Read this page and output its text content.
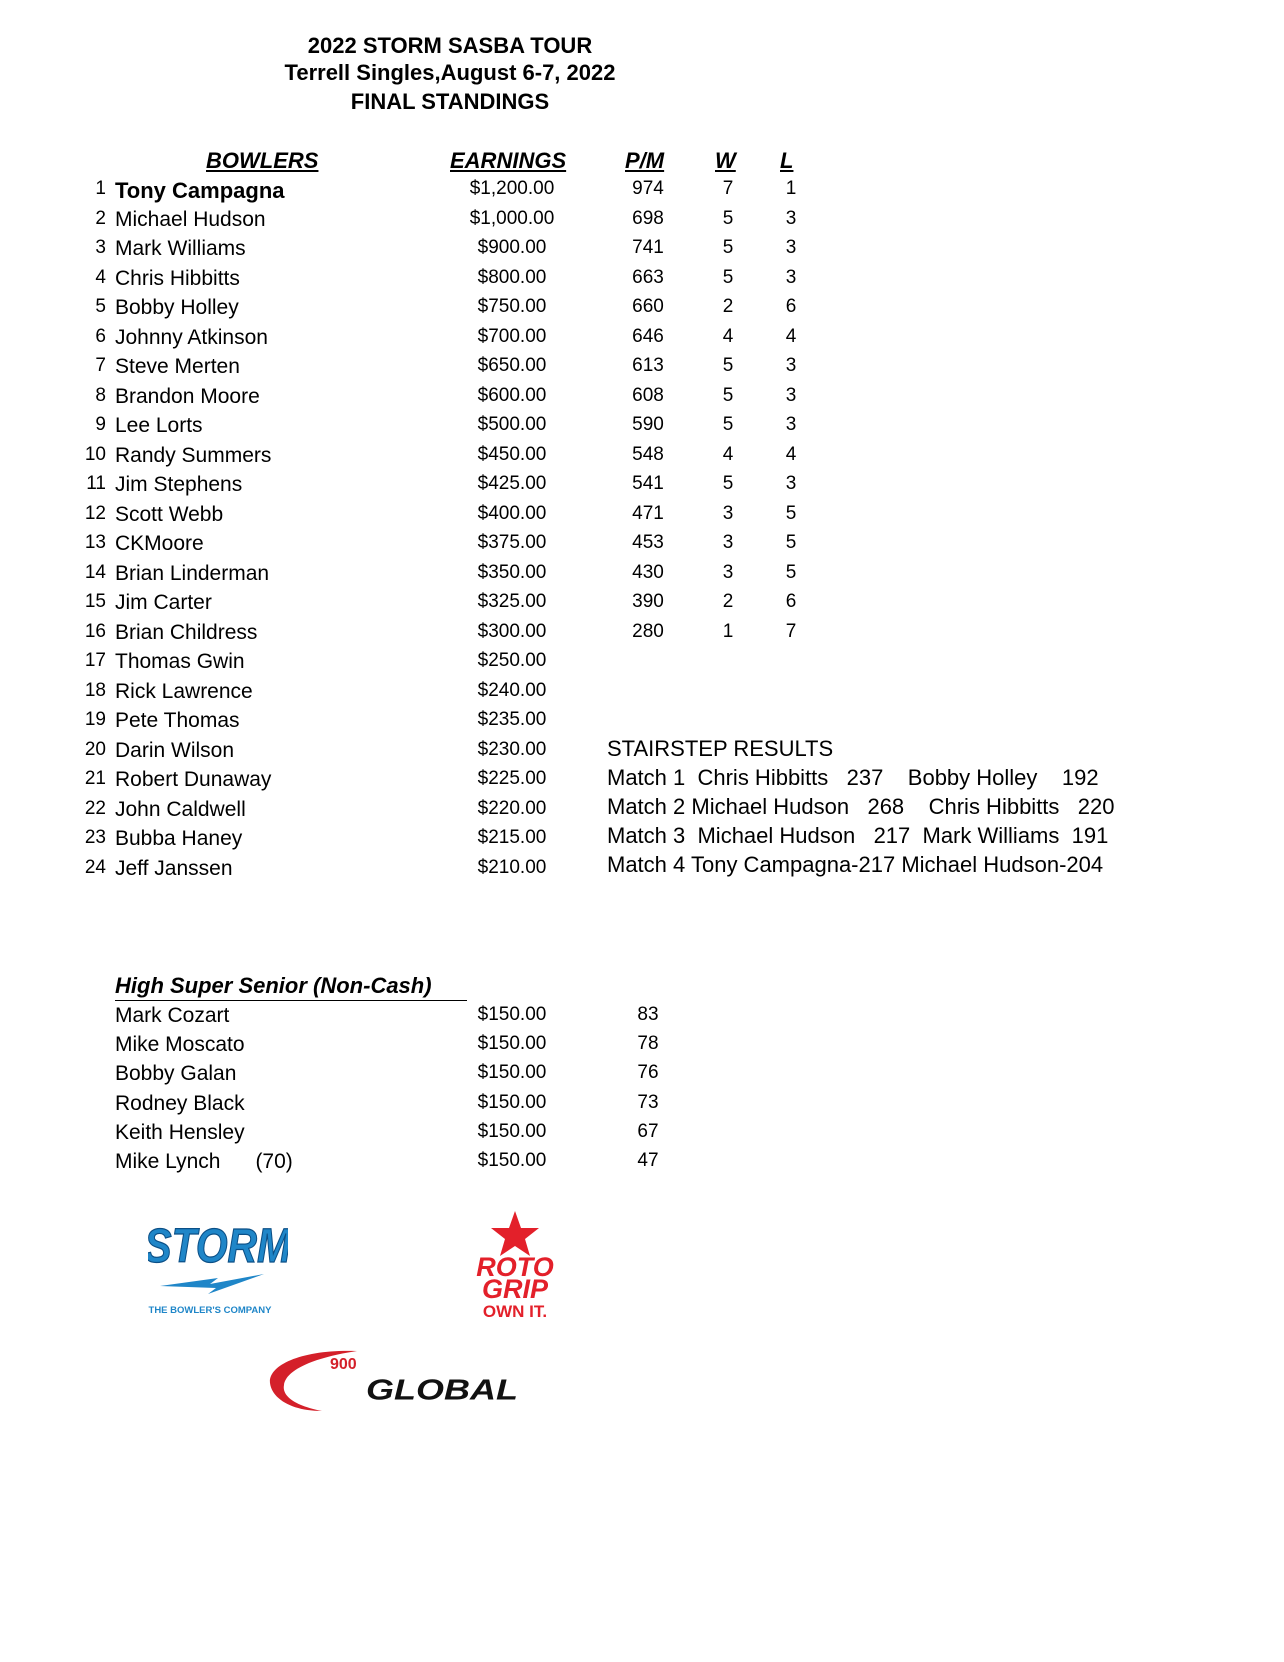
2022 STORM SASBA TOUR
Terrell Singles,August 6-7, 2022
FINAL STANDINGS
BOWLERS	EARNINGS	P/M W L
1 Tony Campagna	$1,200.00	974	7	1
2 Michael Hudson	$1,000.00	698	5	3
3 Mark Williams	$900.00	741	5	3
4 Chris Hibbitts	$800.00	663	5	3
5 Bobby Holley	$750.00	660	2	6
6 Johnny Atkinson	$700.00	646	4	4
7 Steve Merten	$650.00	613	5	3
8 Brandon Moore	$600.00	608	5	3
9 Lee Lorts	$500.00	590	5	3
10 Randy Summers	$450.00	548	4	4
11 Jim Stephens	$425.00	541	5	3
12 Scott Webb	$400.00	471	3	5
13 CKMoore	$375.00	453	3	5
14 Brian Linderman	$350.00	430	3	5
15 Jim Carter	$325.00	390	2	6
16 Brian Childress	$300.00	280	1	7
17 Thomas Gwin	$250.00
18 Rick Lawrence	$240.00
19 Pete Thomas	$235.00
20 Darin Wilson	$230.00
21 Robert Dunaway	$225.00
22 John Caldwell	$220.00
23 Bubba Haney	$215.00
24 Jeff Janssen	$210.00
STAIRSTEP RESULTS
Match 1  Chris Hibbitts   237    Bobby Holley    192
Match 2 Michael Hudson   268    Chris Hibbitts   220
Match 3  Michael Hudson   217  Mark Williams  191
Match 4 Tony Campagna-217 Michael Hudson-204
High Super Senior (Non-Cash)
Mark Cozart	$150.00	83
Mike Moscato	$150.00	78
Bobby Galan	$150.00	76
Rodney Black	$150.00	73
Keith Hensley	$150.00	67
Mike Lynch      (70)	$150.00	47
STORM
THE BOWLER'S COMPANY
ROTO
GRIP
OWN IT.
900
GLOBAL
